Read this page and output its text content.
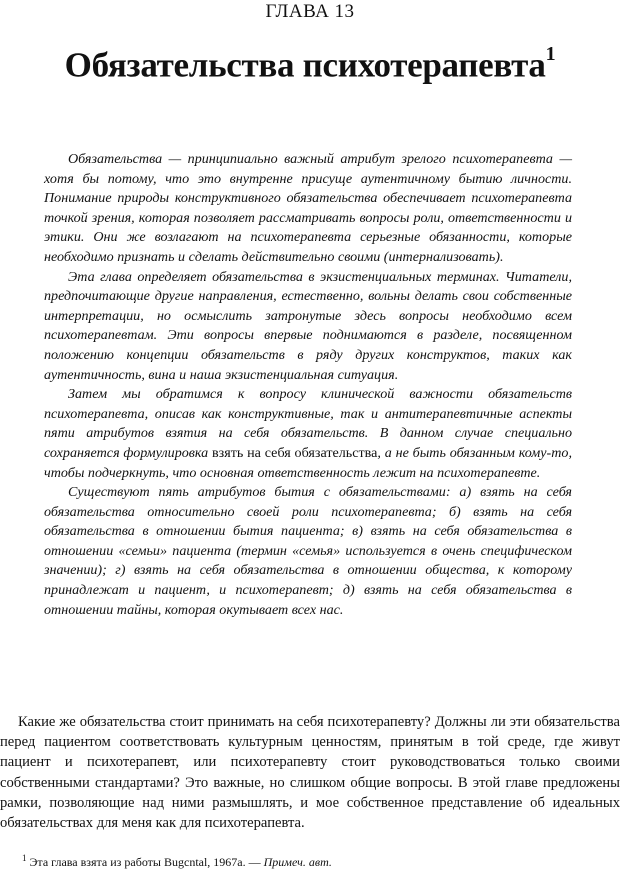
ГЛАВА 13
Обязательства психотерапевта$^1$

Обязательства — принципиально важный атрибут зрелого психотерапевта — хотя бы потому, что это внутренне присуще аутентичному бытию личности. Понимание природы конструктивного обязательства обеспечивает психотерапевта точкой зрения, которая позволяет рассматривать вопросы роли, ответственности и этики. Они же возлагают на психотерапевта серьезные обязанности, которые необходимо признать и сделать действительно своими (интернализовать).

Эта глава определяет обязательства в экзистенциальных терминах. Читатели, предпочитающие другие направления, естественно, вольны делать свои собственные интерпретации, но осмыслить затронутые здесь вопросы необходимо всем психотерапевтам. Эти вопросы впервые поднимаются в разделе, посвященном положению концепции обязательств в ряду других конструктов, таких как аутентичность, вина и наша экзистенциальная ситуация.

Затем мы обратимся к вопросу клинической важности обязательств психотерапевта, описав как конструктивные, так и антитерапевтичные аспекты пяти атрибутов взятия на себя обязательств. В данном случае специально сохраняется формулировка взять на себя обязательства, а не быть обязанным кому-то, чтобы подчеркнуть, что основная ответственность лежит на психотерапевте.

Существуют пять атрибутов бытия с обязательствами: а) взять на себя обязательства относительно своей роли психотерапевта; б) взять на себя обязательства в отношении бытия пациента; в) взять на себя обязательства в отношении «семьи» пациента (термин «семья» используется в очень специфическом значении); г) взять на себя обязательства в отношении общества, к которому принадлежат и пациент, и психотерапевт; д) взять на себя обязательства в отношении тайны, которая окутывает всех нас.

Какие же обязательства стоит принимать на себя психотерапевту? Должны ли эти обязательства перед пациентом соответствовать культурным ценностям, принятым в той среде, где живут пациент и психотерапевт, или психотерапевту стоит руководствоваться только своими собственными стандартами? Это важные, но слишком общие вопросы. В этой главе предложены рамки, позволяющие над ними размышлять, и мое собственное представление об идеальных обязательствах для меня как для психотерапевта.

$^1$ Эта глава взята из работы Bugcntal, 1967a. — Примеч. авт.
